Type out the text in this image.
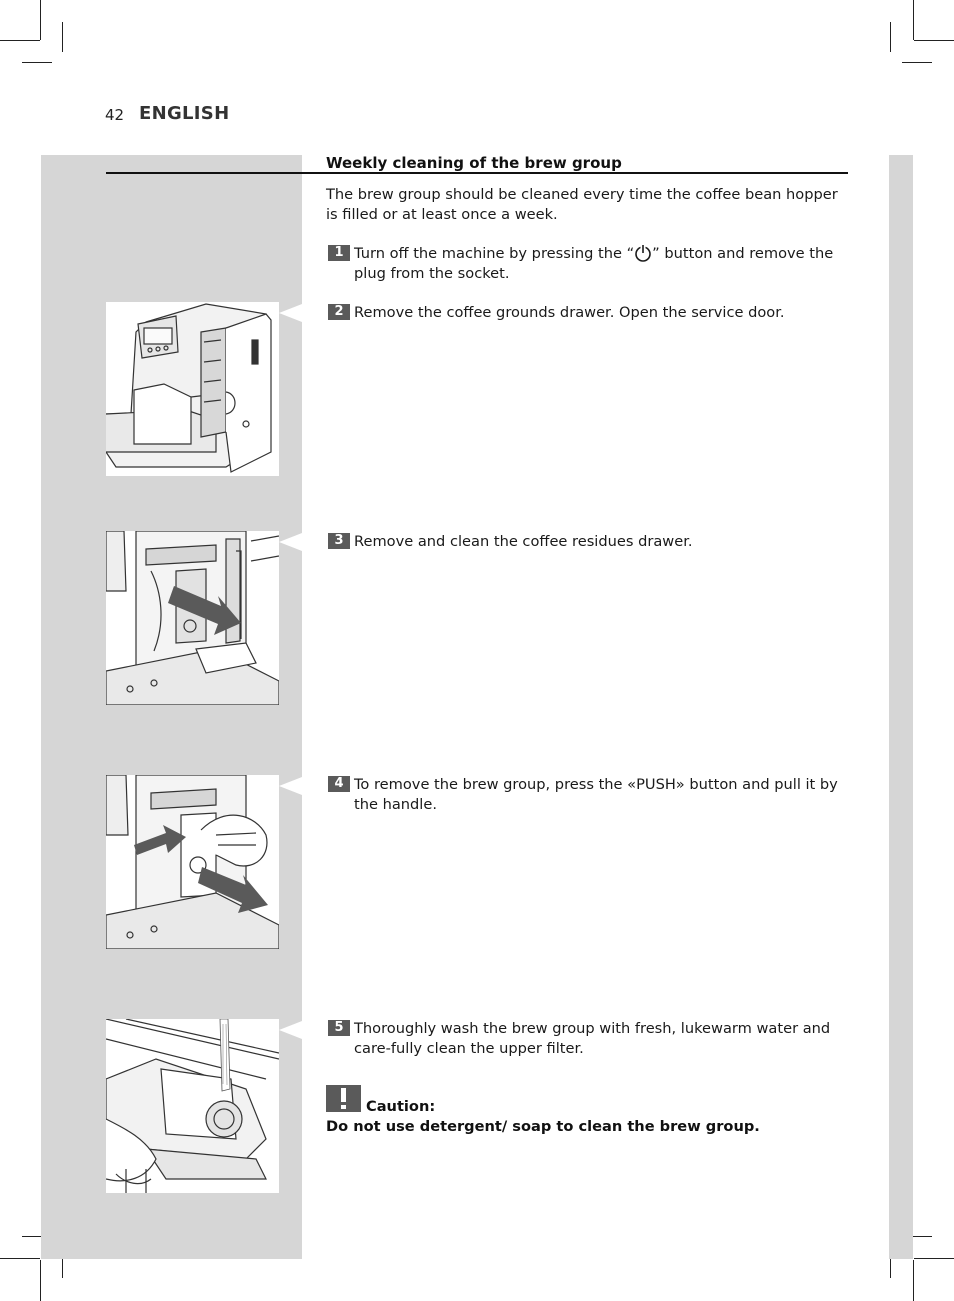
42 ENGLISH
Weekly cleaning of the brew group
The brew group should be cleaned every time the coffee bean hopper is filled or at least once a week.
1 Turn off the machine by pressing the “ ” button and remove the plug from the socket.
2 Remove the coffee grounds drawer. Open the service door.
3 Remove and clean the coffee residues drawer.
4 To remove the brew group, press the «PUSH» button and pull it by the handle.
5 Thoroughly wash the brew group with fresh, lukewarm water and care-fully clean the upper filter.
Caution:
Do not use detergent/ soap to clean the brew group.
